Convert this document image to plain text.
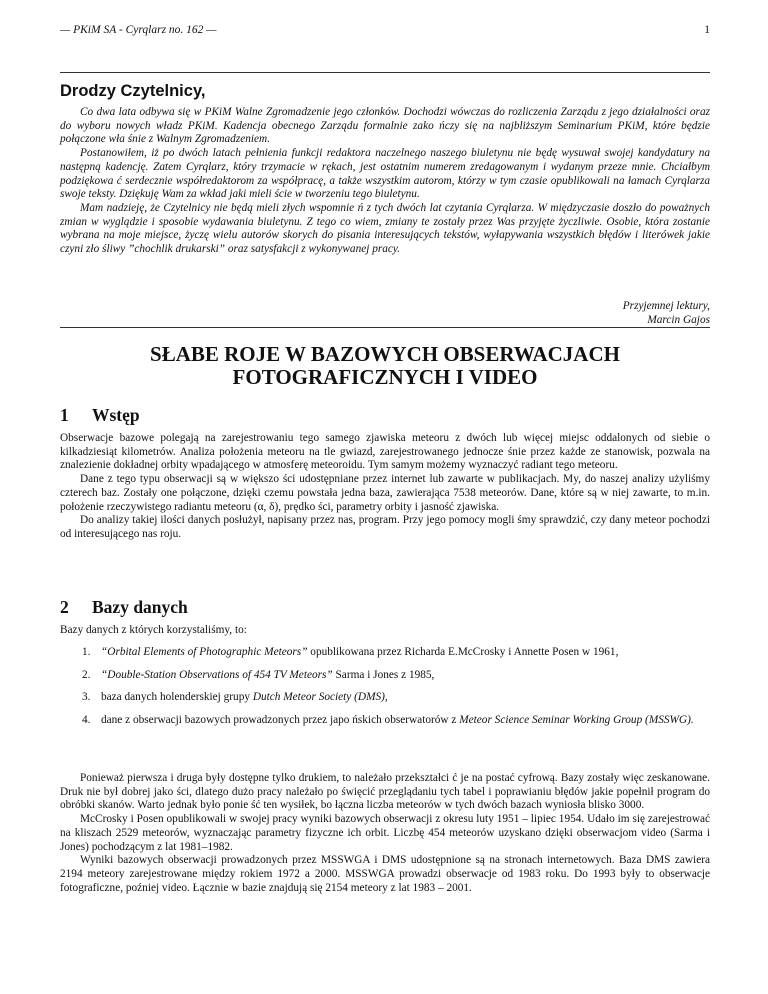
— PKiM SA - Cyrqlarz no. 162 —	1
Drodzy Czytelnicy,

Co dwa lata odbywa się w PKiM Walne Zgromadzenie jego członków. Dochodzi wówczas do rozliczenia Zarządu z jego działalności oraz do wyboru nowych władz PKiM. Kadencja obecnego Zarządu formalnie zako ńczy się na najbliższym Seminarium PKiM, które będzie połączone wła śnie z Walnym Zgromadzeniem.

Postanowiłem, iż po dwóch latach pełnienia funkcji redaktora naczelnego naszego biuletynu nie będę wysuwał swojej kandydatury na następną kadencję. Zatem Cyrqlarz, który trzymacie w rękach, jest ostatnim numerem zredagowanym i wydanym przeze mnie. Chciałbym podziękowa ć serdecznie współredaktorom za współpracę, a także wszystkim autorom, którzy w tym czasie opublikowali na łamach Cyrqlarza swoje teksty. Dziękuję Wam za wkład jaki mieli ście w tworzeniu tego biuletynu.

Mam nadzieję, że Czytelnicy nie będą mieli złych wspomnie ń z tych dwóch lat czytania Cyrqlarza. W międzyczasie doszło do poważnych zmian w wyglądzie i sposobie wydawania biuletynu. Z tego co wiem, zmiany te zostały przez Was przyjęte życzliwie. Osobie, która zostanie wybrana na moje miejsce, życzę wielu autorów skorych do pisania interesujących tekstów, wyłapywania wszystkich błędów i literówek jakie czyni zło śliwy ”chochlik drukarski” oraz satysfakcji z wykonywanej pracy.

Przyjemnej lektury,
Marcin Gajos
SŁABE ROJE W BAZOWYCH OBSERWACJACH
FOTOGRAFICZNYCH I VIDEO
1 Wstęp

Obserwacje bazowe polegają na zarejestrowaniu tego samego zjawiska meteoru z dwóch lub więcej miejsc oddalonych od siebie o kilkadziesiąt kilometrów. Analiza położenia meteoru na tle gwiazd, zarejestrowanego jednocze śnie przez każde ze stanowisk, pozwala na znalezienie dokładnej orbity wpadającego w atmosferę meteoroidu. Tym samym możemy wyznaczyć radiant tego meteoru.

Dane z tego typu obserwacji są w większo ści udostępniane przez internet lub zawarte w publikacjach. My, do naszej analizy użyliśmy czterech baz. Zostały one połączone, dzięki czemu powstała jedna baza, zawierająca 7538 meteorów. Dane, które są w niej zawarte, to m.in. położenie rzeczywistego radiantu meteoru (α, δ), prędko ści, parametry orbity i jasność zjawiska.

Do analizy takiej ilości danych posłużył, napisany przez nas, program. Przy jego pomocy mogli śmy sprawdzić, czy dany meteor pochodzi od interesującego nas roju.

2 Bazy danych

Bazy danych z których korzystaliśmy, to:

1. “Orbital Elements of Photographic Meteors” opublikowana przez Richarda E.McCrosky i Annette Posen w 1961,
2. “Double-Station Observations of 454 TV Meteors” Sarma i Jones z 1985,
3. baza danych holenderskiej grupy Dutch Meteor Society (DMS),
4. dane z obserwacji bazowych prowadzonych przez japo ńskich obserwatorów z Meteor Science Seminar Working Group (MSSWG).

Ponieważ pierwsza i druga były dostępne tylko drukiem, to należało przekształci ć je na postać cyfrową. Bazy zostały więc zeskanowane. Druk nie był dobrej jako ści, dlatego dużo pracy należało po święcić przeglądaniu tych tabel i poprawianiu błędów jakie popełnił program do obróbki skanów. Warto jednak było ponie ść ten wysiłek, bo łączna liczba meteorów w tych dwóch bazach wyniosła blisko 3000.

McCrosky i Posen opublikowali w swojej pracy wyniki bazowych obserwacji z okresu luty 1951 – lipiec 1954. Udało im się zarejestrować na kliszach 2529 meteorów, wyznaczając parametry fizyczne ich orbit. Liczbę 454 meteorów uzyskano dzięki obserwacjom video (Sarma i Jones) pochodzącym z lat 1981–1982.

Wyniki bazowych obserwacji prowadzonych przez MSSWGA i DMS udostępnione są na stronach internetowych. Baza DMS zawiera 2194 meteory zarejestrowane między rokiem 1972 a 2000. MSSWGA prowadzi obserwacje od 1983 roku. Do 1993 były to obserwacje fotograficzne, poźniej video. Łącznie w bazie znajdują się 2154 meteory z lat 1983 – 2001.
